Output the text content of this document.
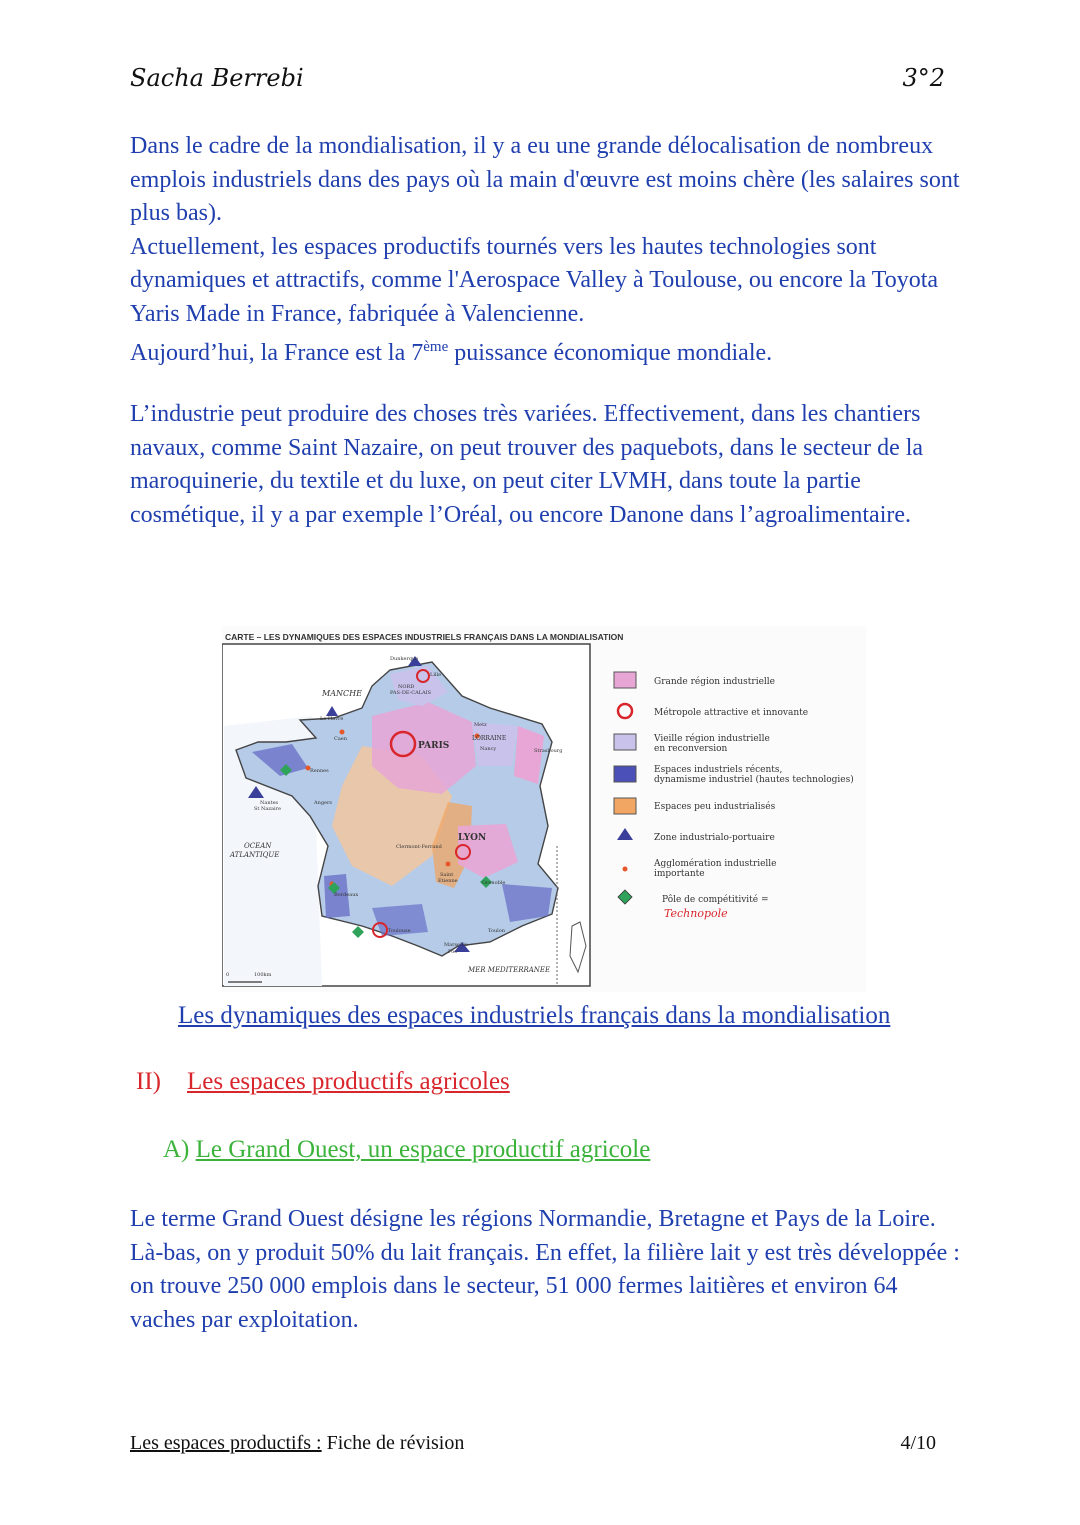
Sacha Berrebi	3°2

Dans le cadre de la mondialisation, il y a eu une grande délocalisation de nombreux emplois industriels dans des pays où la main d'œuvre est moins chère (les salaires sont plus bas).

Actuellement, les espaces productifs tournés vers les hautes technologies sont dynamiques et attractifs, comme l'Aerospace Valley à Toulouse, ou encore la Toyota Yaris Made in France, fabriquée à Valencienne.

Aujourd’hui, la France est la 7ème puissance économique mondiale.

L’industrie peut produire des choses très variées. Effectivement, dans les chantiers navaux, comme Saint Nazaire, on peut trouver des paquebots, dans le secteur de la maroquinerie, du textile et du luxe, on peut citer LVMH, dans toute la partie cosmétique, il y a par exemple l’Oréal, ou encore Danone dans l’agroalimentaire.

CARTE – LES DYNAMIQUES DES ESPACES INDUSTRIELS FRANÇAIS DANS LA MONDIALISATION
MANCHE
OCEAN
ATLANTIQUE
MER MEDITERRANEE
PARIS
LYON
Lille
Dunkerque
NORD
PAS-DE-CALAIS
Le Havre
Caen
Rennes
Nantes
St Nazaire
Angers
Metz
LORRAINE
Nancy	Strasbourg
Clermont-Ferrand
Saint
Etienne	Grenoble
Bordeaux
Toulouse
Marseille
Fos
Toulon
0	100km
Grande région industrielle
Métropole attractive et innovante
Vieille région industrielle
en reconversion
Espaces industriels récents,
dynamisme industriel (hautes technologies)
Espaces peu industrialisés
Zone industrialo-portuaire
Agglomération industrielle
importante
Pôle de compétitivité =
Technopole
Les dynamiques des espaces industriels français dans la mondialisation
II) Les espaces productifs agricoles
A) Le Grand Ouest, un espace productif agricole

Le terme Grand Ouest désigne les régions Normandie, Bretagne et Pays de la Loire. Là-bas, on y produit 50% du lait français. En effet, la filière lait y est très développée : on trouve 250 000 emplois dans le secteur, 51 000 fermes laitières et environ 64 vaches par exploitation.

Les espaces productifs : Fiche de révision	4/10
